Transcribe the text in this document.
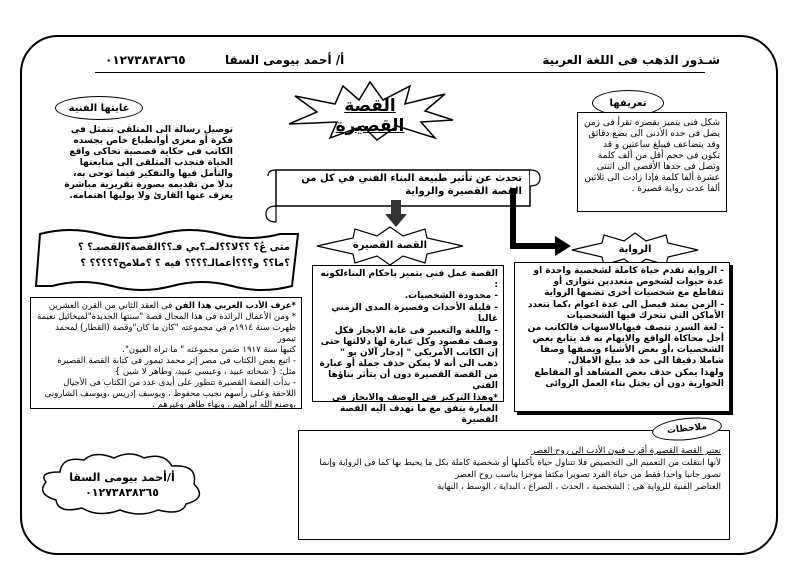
شـذور الذهب فى اللغة العربية
أ/ أحمد بيومى السقا
٠١٢٧٣٨٣٨٣٦٥
القصة القصيرة
تعريفها
شكل فنى يتميز بقصره تقرأ فى زمن يصل فى حده الأدنى الى بضع دقائق وقد يتضاعف فيبلغ ساعتين و قد تكون فى حجم أقل من ألف كلمة وتصل فى حدها الأقصى الى اثنتى عشرة ألفا كلمة فإذا زادت الى ثلاثين ألفا عدت رواية قصيرة .
غايتها الفنية
توصيل رسالة الى المتلقى تتمثل فى فكرة أو مغزى أوانطباع خاص يجسده الكاتب فى حكاية قصصية تحاكى واقع الحياة فتجذب المتلقى الى متابعتها والتأمل فيها والتفكير فيما توحى به، بدلا من تقديمه بصورة تقريرية مباشرة يعزف عنها القارئ ولا يوليها اهتمامه.
تحدث عن تأثير طبيعة البناء الفني في كل من القصة القصيرة والرواية
القصة القصيرة	الرواية
القصة عمل فنى يتميز باحكام البناءلكونه :
- محدودة الشخصيات.
- قليلة الأحداث وقصيرة المدى الزمني غالبا
- واللغة والتعبير فى غاية الايجاز فكل وصف مقصود وكل عبارة لها دلالتها حتى إن الكاتب الأمريكي " إدجار آلان بو " ذهب الى أنه لا يمكن حذف جملة أو عبارة من القصة القصيرة دون أن يتأثر بناؤها الفني
*وهذا التركيز فى الوصف والايجاز فى العبارة يتفق مع ما تهدف اليه القصة القصيرة
- الرواية تقدم حياة كاملة لشخصية واحدة او عدة حيوات لشخوص متعددين تتوازى أو تتقاطع مع شخصيات أخرى تضمها الرواية
- الزمن يمتد فيصل الى عدة اعوام ،كما تتعدد الأماكن التي تتحرك فيها الشخصيات
- لغة السرد تتصف فيهابالاسهاب فالكاتب من أجل محاكاة الواقع والايهام به قد يتابع بعض الشخصيات ،أو بعض الأشياء ويصفها وصفا شاملا دقيقا الى حد قد يبلغ الاملال.
ولهذا يمكن حذف بعض المشاهد أو المقاطع الحوارية دون أن يختل بناء العمل الروائى
متى عُ؟ ؟؟لا؟؟لمـ؟بي فـ؟؟القصة؟القصيـ؟ ؟
؟ما؟؟ و؟؟؟أعمالـ؟؟؟؟ فيه ؟ ؟ملامح؟؟؟؟؟ ؟
*عرف الأدب العربي هذا الفن فى العقد الثاني من القرن العشرين
* ومن الأعمال الرائدة فى هذا المجال قصة "سنتها الجديدة"لميخائيل نعيمة
ظهرت سنة ١٩١٤م في مجموعته "كان ما كان"وقصة (القطار) لمحمد تيمور
كتبها سنة ١٩١٧ ضمن مجموعته " ما تراه العيون".
- اتبع بعض الكتاب فى مصر إثر محمد تيمور فى كتابة القصة القصيرة
مثل: { شحاته عبيد ، وعيسى عبيد، وطاهر لا شين }
- بدأت القصة القصيرة تتطور على أيدى عدد من الكتاب فى الأجيال
اللاحقة وعلى رأسهم نجيب محفوظ ، ويوسف إدريس ،ويوسف الشارونى
،وصنع الله ابراهيم ، وبهاء طاهر وغيرهم .
تعتبر القصة القصيرة أقرب فنون الأدب الى روح العصر
لأنها انتقلت من التعميم الى التخصيص فلا تتناول حياة بأكملها أو شخصية كاملة بكل ما يحيط بها كما فى الرواية وإنما تصور جانبا واحدا فقط من حياة الفرد تصويرا مكثفا موجزا يناسب روح العصر
العناصر الفنية للرواية هى : الشخصية ، الحدث ، الصراع ، البداية ، الوسط ، النهاية
ملاحظات
أ/أحمد بيومى السقا
٠١٢٧٣٨٣٨٣٦٥
